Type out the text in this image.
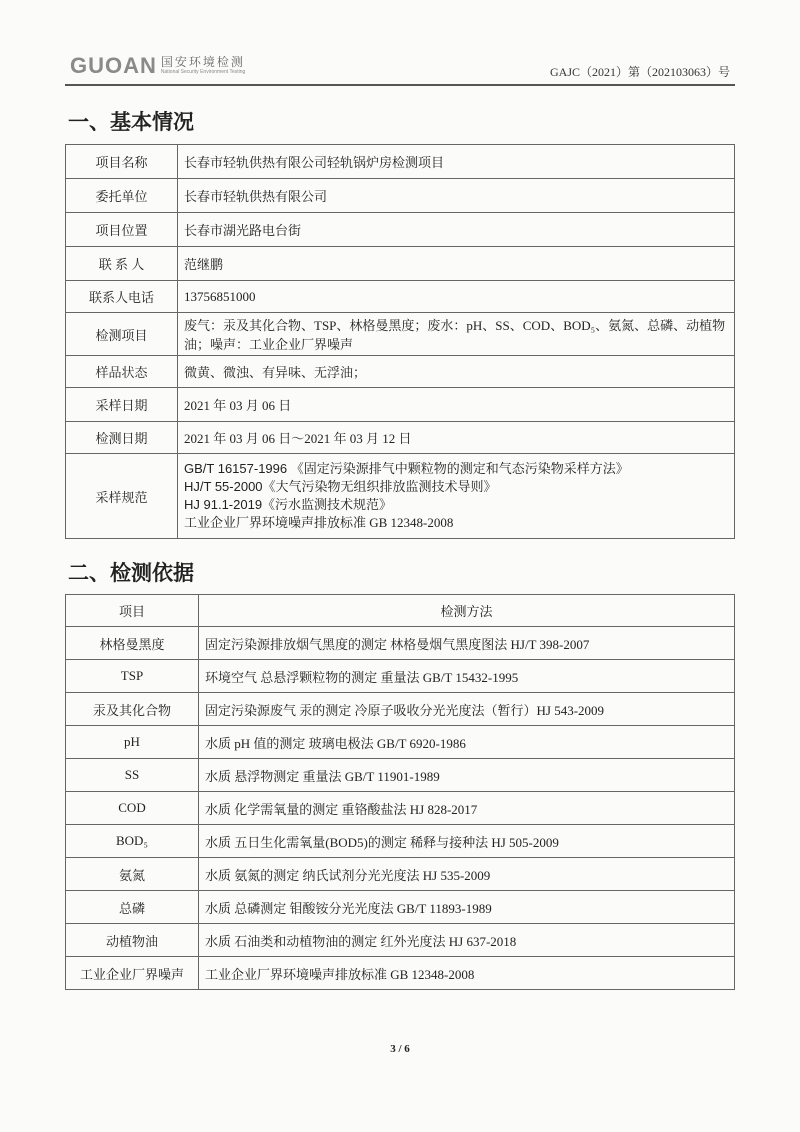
GUOAN 国安环境检测
National Security Environment Testing	GAJC（2021）第（202103063）号
一、基本情况
项目名称	长春市轻轨供热有限公司轻轨锅炉房检测项目
委托单位	长春市轻轨供热有限公司
项目位置	长春市湖光路电台街
联 系 人	范继鹏
联系人电话	13756851000
检测项目	废气：汞及其化合物、TSP、林格曼黑度；废水：pH、SS、COD、BOD₅、氨氮、总磷、动植物油；噪声：工业企业厂界噪声
样品状态	微黄、微浊、有异味、无浮油；
采样日期	2021 年 03 月 06 日
检测日期	2021 年 03 月 06 日～2021 年 03 月 12 日
采样规范	GB/T 16157-1996 《固定污染源排气中颗粒物的测定和气态污染物采样方法》
HJ/T 55-2000《大气污染物无组织排放监测技术导则》
HJ 91.1-2019《污水监测技术规范》
工业企业厂界环境噪声排放标准 GB 12348-2008
二、检测依据
项目	检测方法
林格曼黑度	固定污染源排放烟气黑度的测定 林格曼烟气黑度图法 HJ/T 398-2007
TSP	环境空气 总悬浮颗粒物的测定 重量法 GB/T 15432-1995
汞及其化合物	固定污染源废气 汞的测定 冷原子吸收分光光度法（暂行）HJ 543-2009
pH	水质 pH 值的测定 玻璃电极法 GB/T 6920-1986
SS	水质 悬浮物测定 重量法 GB/T 11901-1989
COD	水质 化学需氧量的测定 重铬酸盐法 HJ 828-2017
BOD₅	水质 五日生化需氧量(BOD5)的测定 稀释与接种法 HJ 505-2009
氨氮	水质 氨氮的测定 纳氏试剂分光光度法 HJ 535-2009
总磷	水质 总磷测定 钼酸铵分光光度法 GB/T 11893-1989
动植物油	水质 石油类和动植物油的测定 红外光度法 HJ 637-2018
工业企业厂界噪声	工业企业厂界环境噪声排放标准 GB 12348-2008
3 / 6
